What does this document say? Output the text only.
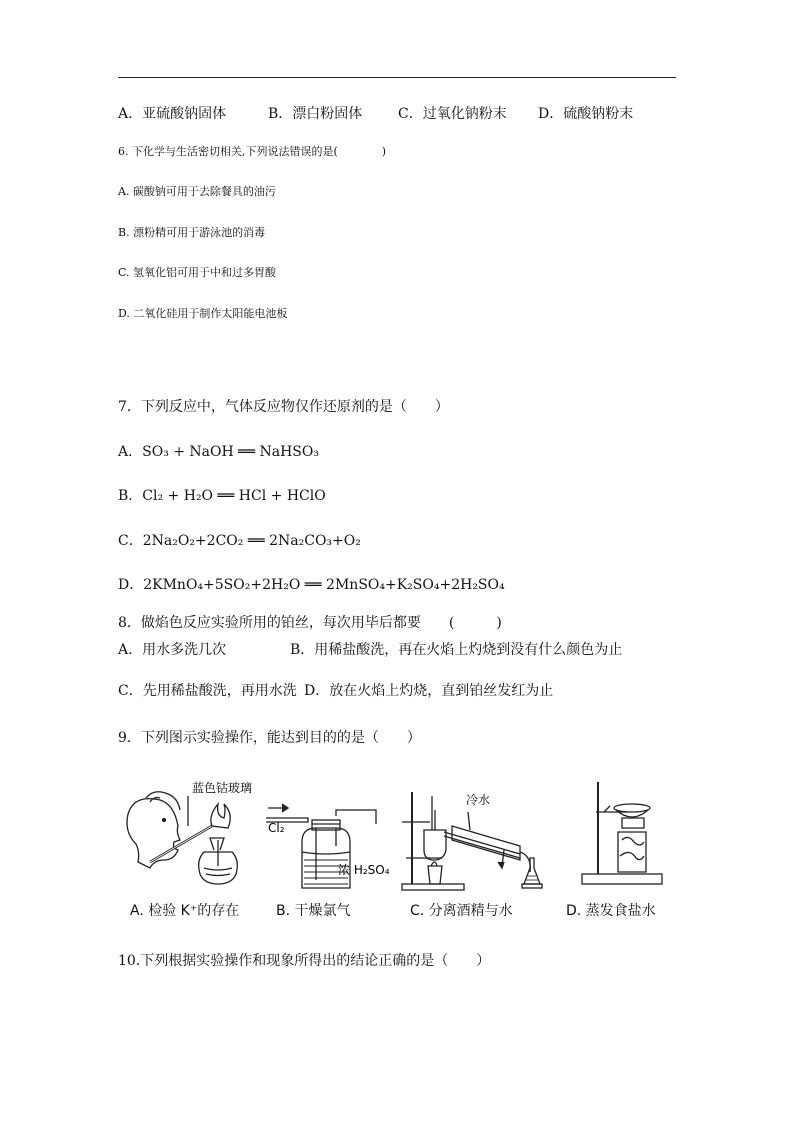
A．亚硫酸钠固体	B．漂白粉固体	C．过氧化钠粉末 D．硫酸钠粉末
6. 下化学与生活密切相关,下列说法错误的是(　　　　)
A. 碳酸钠可用于去除餐具的油污
B. 漂粉精可用于游泳池的消毒
C. 氢氧化铝可用于中和过多胃酸
D. 二氧化硅用于制作太阳能电池板
7．下列反应中，气体反应物仅作还原剂的是（　　）
A．SO₃ + NaOH ══ NaHSO₃
B．Cl₂ + H₂O ══ HCl + HClO
C．2Na₂O₂+2CO₂ ══ 2Na₂CO₃+O₂
D．2KMnO₄+5SO₂+2H₂O ══ 2MnSO₄+K₂SO₄+2H₂SO₄
8．做焰色反应实验所用的铂丝，每次用毕后都要　　(　　　)
A．用水多洗几次	B．用稀盐酸洗，再在火焰上灼烧到没有什么颜色为止
C．先用稀盐酸洗，再用水洗 D．放在火焰上灼烧，直到铂丝发红为止
9．下列图示实验操作，能达到目的的是（　　）
蓝色钴玻璃
Cl₂
浓 H₂SO₄
冷水
A. 检验 K⁺的存在	B. 干燥氯气	C. 分离酒精与水	D. 蒸发食盐水
10.下列根据实验操作和现象所得出的结论正确的是（　　）
